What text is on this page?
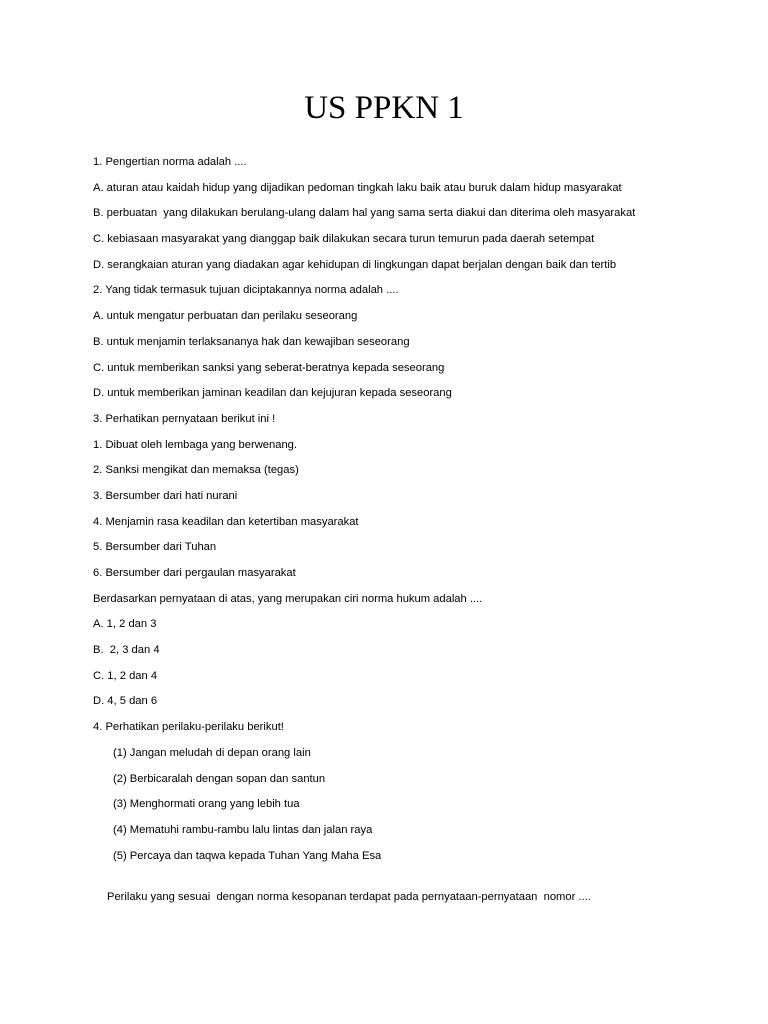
US PPKN 1
1. Pengertian norma adalah ....
A. aturan atau kaidah hidup yang dijadikan pedoman tingkah laku baik atau buruk dalam hidup masyarakat
B. perbuatan  yang dilakukan berulang-ulang dalam hal yang sama serta diakui dan diterima oleh masyarakat
C. kebiasaan masyarakat yang dianggap baik dilakukan secara turun temurun pada daerah setempat
D. serangkaian aturan yang diadakan agar kehidupan di lingkungan dapat berjalan dengan baik dan tertib
2. Yang tidak termasuk tujuan diciptakannya norma adalah ....
A. untuk mengatur perbuatan dan perilaku seseorang
B. untuk menjamin terlaksananya hak dan kewajiban seseorang
C. untuk memberikan sanksi yang seberat-beratnya kepada seseorang
D. untuk memberikan jaminan keadilan dan kejujuran kepada seseorang
3. Perhatikan pernyataan berikut ini !
1. Dibuat oleh lembaga yang berwenang.
2. Sanksi mengikat dan memaksa (tegas)
3. Bersumber dari hati nurani
4. Menjamin rasa keadilan dan ketertiban masyarakat
5. Bersumber dari Tuhan
6. Bersumber dari pergaulan masyarakat
Berdasarkan pernyataan di atas, yang merupakan ciri norma hukum adalah ....
A. 1, 2 dan 3
B.  2, 3 dan 4
C. 1, 2 dan 4
D. 4, 5 dan 6
4. Perhatikan perilaku-perilaku berikut!
(1) Jangan meludah di depan orang lain
(2) Berbicaralah dengan sopan dan santun
(3) Menghormati orang yang lebih tua
(4) Mematuhi rambu-rambu lalu lintas dan jalan raya
(5) Percaya dan taqwa kepada Tuhan Yang Maha Esa
Perilaku yang sesuai  dengan norma kesopanan terdapat pada pernyataan-pernyataan  nomor ....
